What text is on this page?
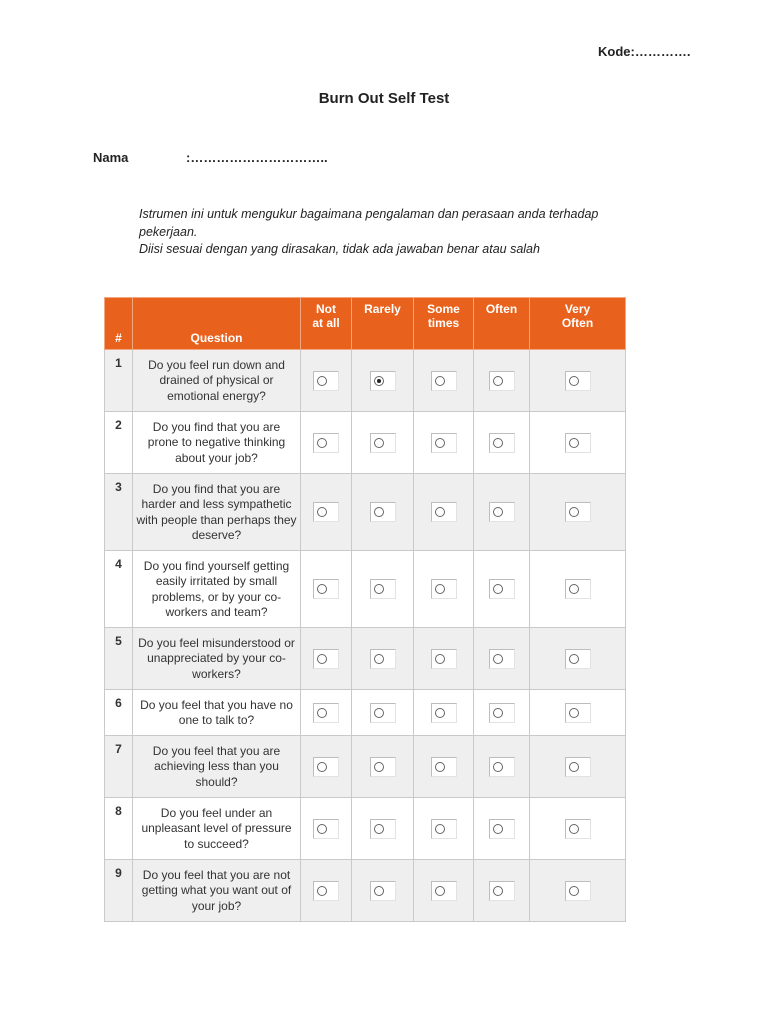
Kode:………….
Burn Out Self Test
Nama	:…………………………..
Istrumen ini untuk mengukur bagaimana pengalaman dan perasaan anda terhadap pekerjaan.
Diisi sesuai dengan yang dirasakan, tidak ada jawaban benar atau salah
#	Question	Not at all	Rarely	Some times	Often	Very Often

1	Do you feel run down and drained of physical or emotional energy?	

2	Do you find that you are prone to negative thinking about your job?	

3	Do you find that you are harder and less sympathetic with people than perhaps they deserve?	

4	Do you find yourself getting easily irritated by small problems, or by your co-workers and team?	

5	Do you feel misunderstood or unappreciated by your co-workers?	

6	Do you feel that you have no one to talk to?	

7	Do you feel that you are achieving less than you should?	

8	Do you feel under an unpleasant level of pressure to succeed?	

9	Do you feel that you are not getting what you want out of your job?	
